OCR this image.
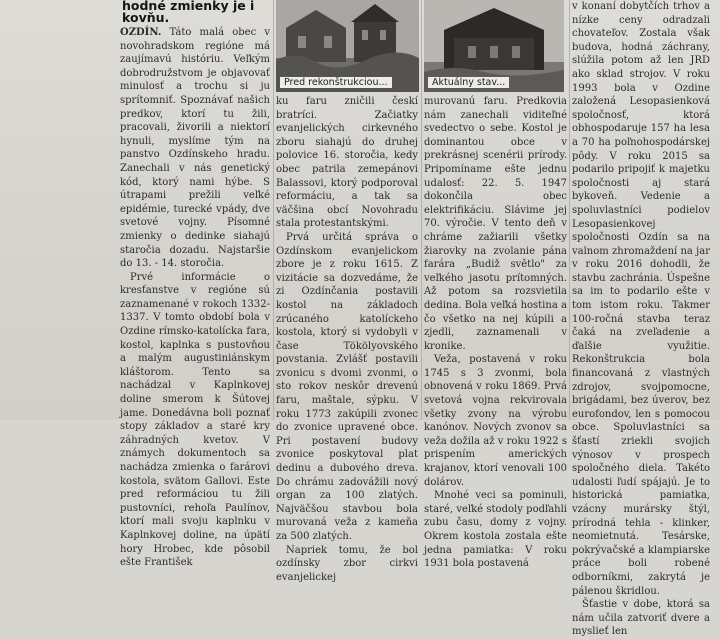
hodné zmienky je i
kovňu.
Pred rekonštrukciou...	Aktuálny stav...

OZDÍN. Táto malá obec v novohradskom regióne má zaujímavú históriu. Veľkým dobrodružstvom je objavovať minulosť a trochu si ju sprítomniť. Spoznávať našich predkov, ktorí tu žili, pracovali, živorili a niektorí hynuli, myslíme tým na panstvo Ozdínskeho hradu. Zanechali v nás genetický kód, ktorý nami hýbe. S útrapami prežili veľké epidémie, turecké vpády, dve svetové vojny. Písomné zmienky o dedinke siahajú staročia dozadu. Najstaršie do 13. - 14. storočia.

Prvé informácie o kresťanstve v regióne sú zaznamenané v rokoch 1332-1337. V tomto období bola v Ozdine rímsko-katolícka fara, kostol, kaplnka s pustovňou a malým augustiniánskym kláštorom. Tento sa nachádzal v Kaplnkovej doline smerom k Šútovej jame. Donedávna boli poznať stopy základov a staré kry záhradných kvetov. V známych dokumentoch sa nachádza zmienka o farárovi kostola, svätom Gallovi. Este pred reformáciou tu žili pustovníci, rehoľa Paulínov, ktorí mali svoju kaplnku v Kaplnkovej doline, na úpätí hory Hrobec, kde pôsobil ešte František

ku faru zničili českí bratríci. Začiatky evanjelických cirkevného zboru siahajú do druhej polovice 16. storočia, kedy obec patrila zemepánovi Balassovi, ktorý podporoval reformáciu, a tak sa väčšina obcí Novohradu stala protestantskými.

Prvá určitá správa o Ozdínskom evanjelickom zbore je z roku 1615. Z vizitácie sa dozvedáme, že zi Ozdínčania postavili kostol na základoch zrúcaného katolíckeho kostola, ktorý si vydobyli v čase Tökölyovského povstania. Zvlášť postavili zvonicu s dvomi zvonmi, o sto rokov neskôr drevenú faru, maštale, sýpku. V roku 1773 zakúpili zvonec do zvonice upravené obce. Pri postavení budovy zvonice poskytoval plat dedinu a dubového dreva. Do chrámu zadovážili nový organ za 100 zlatých. Najväčšou stavbou bola murovaná veža z kameňa za 500 zlatých.

Napriek tomu, že bol ozdínsky zbor cirkvi evanjelickej

murovanú faru. Predkovia nám zanechali viditeľné svedectvo o sebe. Kostol je dominantou obce v prekrásnej scenérii prírody. Pripomíname ešte jednu udalosť: 22. 5. 1947 dokončila obec elektrifikáciu. Slávime jej 70. výročie. V tento deň v chráme zažiarili všetky žiarovky na zvolanie pána farára „Budiž světlo" za veľkého jasotu prítomných. Až potom sa rozsvietila dedina. Bola veľká hostina a čo všetko na nej kúpili a zjedli, zaznamenali v kronike.

Veža, postavená v roku 1745 s 3 zvonmi, bola obnovená v roku 1869. Prvá svetová vojna rekvirovala všetky zvony na výrobu kanónov. Nových zvonov sa veža dožila až v roku 1922 s prispením amerických krajanov, ktorí venovali 100 dolárov.

Mnohé veci sa pominuli, staré, veľké stodoly podľahli zubu času, domy z vojny. Okrem kostola zostala ešte jedna pamiatka: V roku 1931 bola postavená

v konaní dobytčích trhov a nízke ceny odradzali chovateľov. Zostala však budova, hodná záchrany, slúžila potom až len JRD ako sklad strojov. V roku 1993 bola v Ozdine založená Lesopasienková spoločnosť, ktorá obhospodaruje 157 ha lesa a 70 ha poľnohospodárskej pôdy. V roku 2015 sa podarilo pripojiť k majetku spoločnosti aj stará bykoveň. Vedenie a spoluvlastníci podielov Lesopasienkovej spoločnosti Ozdín sa na valnom zhromaždení na jar v roku 2016 dohodli, že stavbu zachránia. Úspešne sa im to podarilo ešte v tom istom roku. Takmer 100-ročná stavba teraz čaká na zveľadenie a ďalšie využitie. Rekonštrukcia bola financovaná z vlastných zdrojov, svojpomocne, brigádami, bez úverov, bez eurofondov, len s pomocou obce. Spoluvlastníci sa šťastí zriekli svojich výnosov v prospech spoločného diela. Takéto udalosti ľudí spájajú. Je to historická pamiatka, vzácny murársky štýl, prírodná tehla - klinker, neomietnutá. Tesárske, pokrývačské a klampiarske práce boli robené odborníkmi, zakrytá je pálenou škridlou.

Šťastie v dobe, ktorá sa nám učila zatvoriť dvere a myslieť len
